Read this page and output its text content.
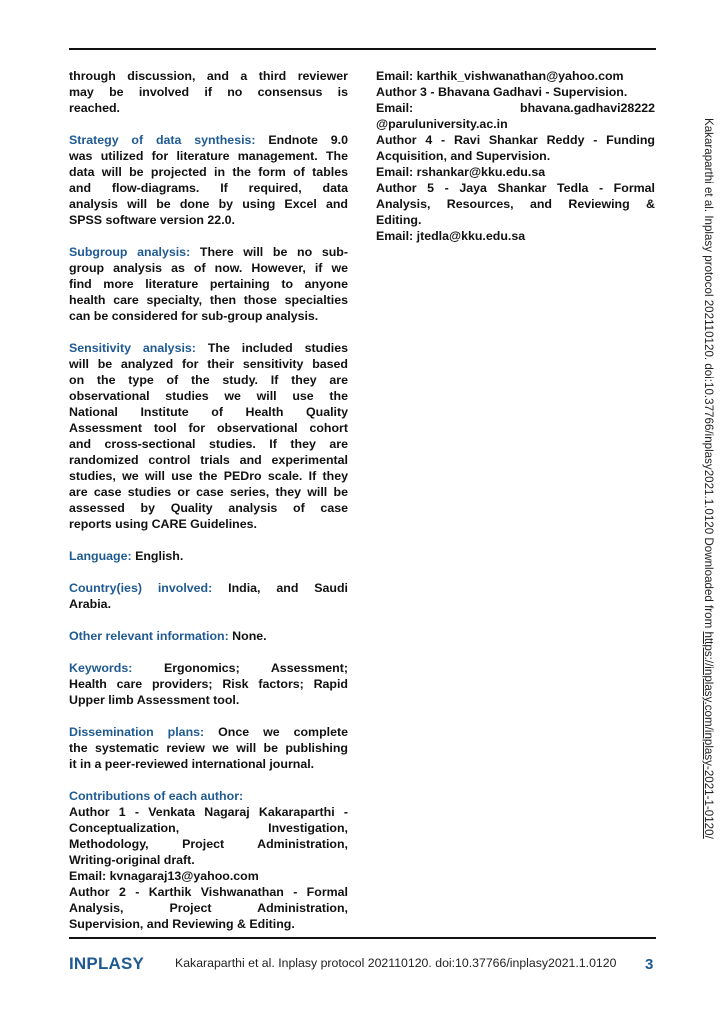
through discussion, and a third reviewer
may be involved if no consensus is
reached.
Strategy of data synthesis: Endnote 9.0
was utilized for literature management. The
data will be projected in the form of tables
and flow-diagrams. If required, data
analysis will be done by using Excel and
SPSS software version 22.0.
Subgroup analysis: There will be no sub-
group analysis as of now. However, if we
find more literature pertaining to anyone
health care specialty, then those specialties
can be considered for sub-group analysis.
Sensitivity analysis: The included studies
will be analyzed for their sensitivity based
on the type of the study. If they are
observational studies we will use the
National Institute of Health Quality
Assessment tool for observational cohort
and cross-sectional studies. If they are
randomized control trials and experimental
studies, we will use the PEDro scale. If they
are case studies or case series, they will be
assessed by Quality analysis of case
reports using CARE Guidelines.
Language: English.
Country(ies) involved: India, and Saudi
Arabia.
Other relevant information: None.
Keywords: Ergonomics; Assessment;
Health care providers; Risk factors; Rapid
Upper limb Assessment tool.
Dissemination plans: Once we complete
the systematic review we will be publishing
it in a peer-reviewed international journal.
Contributions of each author:
Author 1 - Venkata Nagaraj Kakaraparthi -
Conceptualization, Investigation,
Methodology, Project Administration,
Writing-original draft.
Email: kvnagaraj13@yahoo.com
Author 2 - Karthik Vishwanathan - Formal
Analysis, Project Administration,
Supervision, and Reviewing & Editing.
Email: karthik_vishwanathan@yahoo.com
Author 3 - Bhavana Gadhavi - Supervision.
Email: bhavana.gadhavi28222
@paruluniversity.ac.in
Author 4 - Ravi Shankar Reddy - Funding
Acquisition, and Supervision.
Email: rshankar@kku.edu.sa
Author 5 - Jaya Shankar Tedla - Formal
Analysis, Resources, and Reviewing &
Editing.
Email: jtedla@kku.edu.sa
INPLASY	Kakaraparthi et al. Inplasy protocol 202110120. doi:10.37766/inplasy2021.1.0120 3
Kakaraparthi et al. Inplasy protocol 202110120. doi:10.37766/inplasy2021.1.0120 Downloaded from https://inplasy.com/inplasy-2021-1-0120/
